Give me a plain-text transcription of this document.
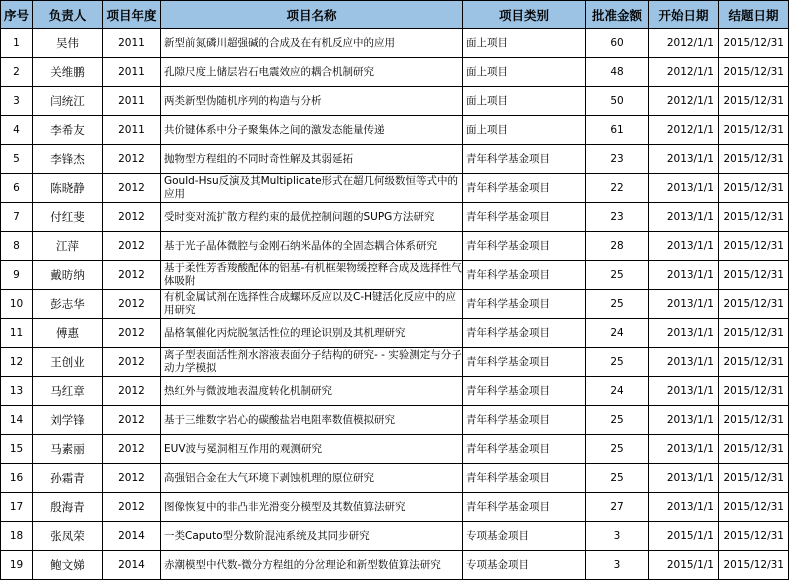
序号	负责人	项目年度	项目名称	项目类别	批准金额	开始日期	结题日期
1	吴伟	2011	新型前氮磷川超强碱的合成及在有机反应中的应用	面上项目	60	2012/1/1	2015/12/31
2	关维鹏	2011	孔隙尺度上储层岩石电震效应的耦合机制研究	面上项目	48	2012/1/1	2015/12/31
3	闫统江	2011	两类新型伪随机序列的构造与分析	面上项目	50	2012/1/1	2015/12/31
4	李希友	2011	共价键体系中分子聚集体之间的激发态能量传递	面上项目	61	2012/1/1	2015/12/31
5	李锋杰	2012	抛物型方程组的不同时奇性解及其弱延拓	青年科学基金项目	23	2013/1/1	2015/12/31
6	陈晓静	2012	Gould-Hsu反演及其Multiplicate形式在超几何级数恒等式中的应用	青年科学基金项目	22	2013/1/1	2015/12/31
7	付红斐	2012	受时变对流扩散方程约束的最优控制问题的SUPG方法研究	青年科学基金项目	23	2013/1/1	2015/12/31
8	江萍	2012	基于光子晶体微腔与金刚石纳米晶体的全固态耦合体系研究	青年科学基金项目	28	2013/1/1	2015/12/31
9	戴昉纳	2012	基于柔性芳香羧酸配体的铝基-有机框架物缓控释合成及选择性气体吸附	青年科学基金项目	25	2013/1/1	2015/12/31
10	彭志华	2012	有机金属试剂在选择性合成螺环反应以及C-H键活化反应中的应用研究	青年科学基金项目	25	2013/1/1	2015/12/31
11	傅惠	2012	晶格氧催化丙烷脱氢活性位的理论识别及其机理研究	青年科学基金项目	24	2013/1/1	2015/12/31
12	王创业	2012	离子型表面活性剂水溶液表面分子结构的研究- - 实验测定与分子动力学模拟	青年科学基金项目	25	2013/1/1	2015/12/31
13	马红章	2012	热红外与微波地表温度转化机制研究	青年科学基金项目	24	2013/1/1	2015/12/31
14	刘学锋	2012	基于三维数字岩心的碳酸盐岩电阻率数值模拟研究	青年科学基金项目	25	2013/1/1	2015/12/31
15	马素丽	2012	EUV波与冕洞相互作用的观测研究	青年科学基金项目	25	2013/1/1	2015/12/31
16	孙霜青	2012	高强铝合金在大气环境下剥蚀机理的原位研究	青年科学基金项目	25	2013/1/1	2015/12/31
17	殷海青	2012	图像恢复中的非凸非光滑变分模型及其数值算法研究	青年科学基金项目	27	2013/1/1	2015/12/31
18	张凤荣	2014	一类Caputo型分数阶混沌系统及其同步研究	专项基金项目	3	2015/1/1	2015/12/31
19	鲍文娣	2014	赤潮模型中代数-微分方程组的分岔理论和新型数值算法研究	专项基金项目	3	2015/1/1	2015/12/31
